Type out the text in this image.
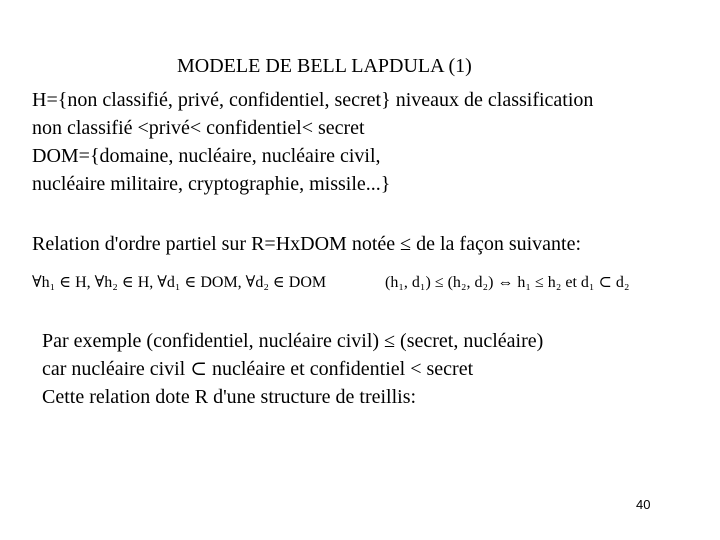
MODELE DE BELL LAPDULA (1)
H={non classifié, privé, confidentiel, secret} niveaux de classification
non classifié <privé< confidentiel< secret
DOM={domaine, nucléaire, nucléaire civil,
nucléaire militaire, cryptographie, missile...}
Relation d'ordre partiel sur R=HxDOM notée ≤ de la façon suivante:
∀h₁ ∈ H, ∀h₂ ∈ H, ∀d₁ ∈ DOM, ∀d₂ ∈ DOM	(h₁, d₁) ≤ (h₂, d₂) ⇔ h₁ ≤ h₂ et d₁ ⊂ d₂
Par exemple (confidentiel, nucléaire civil) ≤ (secret, nucléaire)
car nucléaire civil ⊂ nucléaire et confidentiel < secret
Cette relation dote R d'une structure de treillis:
40
